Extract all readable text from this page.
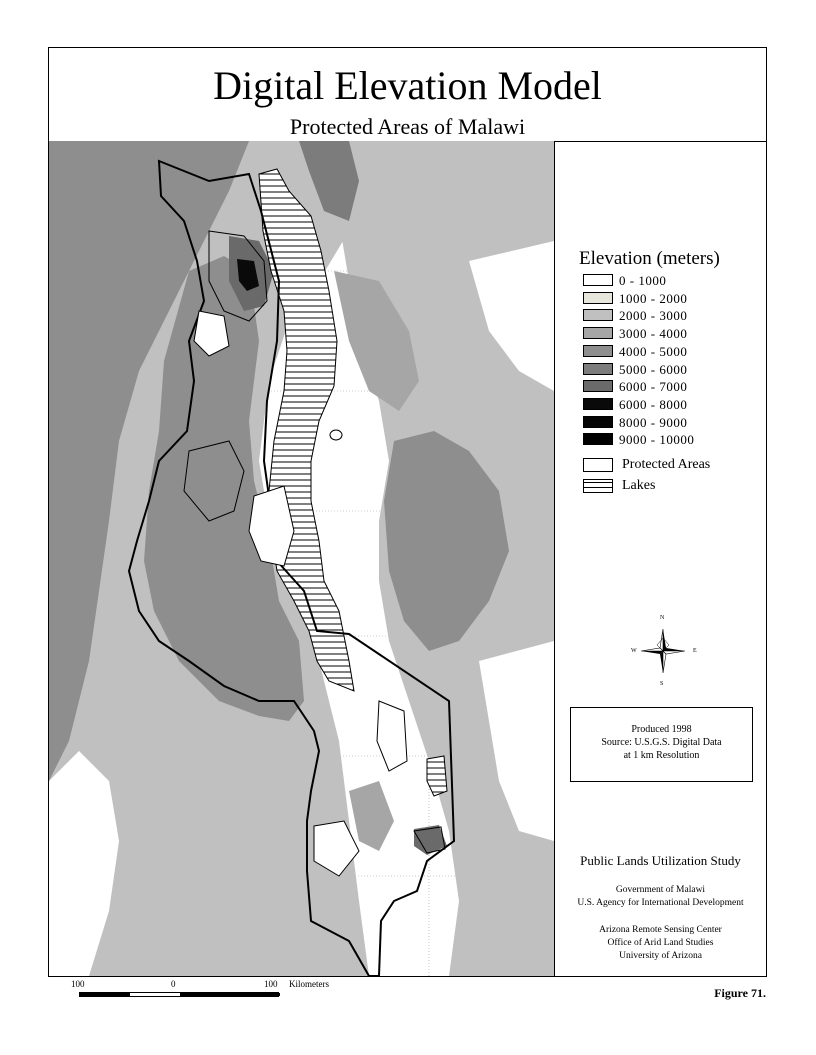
Digital Elevation Model
Protected Areas of Malawi
100	0	100 Kilometers
Elevation (meters)
0 - 1000
1000 - 2000
2000 - 3000
3000 - 4000
4000 - 5000
5000 - 6000
6000 - 7000
6000 - 8000
8000 - 9000
9000 - 10000
Protected Areas
Lakes
N
S
W	E
Produced 1998
Source: U.S.G.S. Digital Data
at 1 km Resolution
Public Lands Utilization Study
Government of Malawi
U.S. Agency for International Development
Arizona Remote Sensing Center
Office of Arid Land Studies
University of Arizona
Figure 71.
